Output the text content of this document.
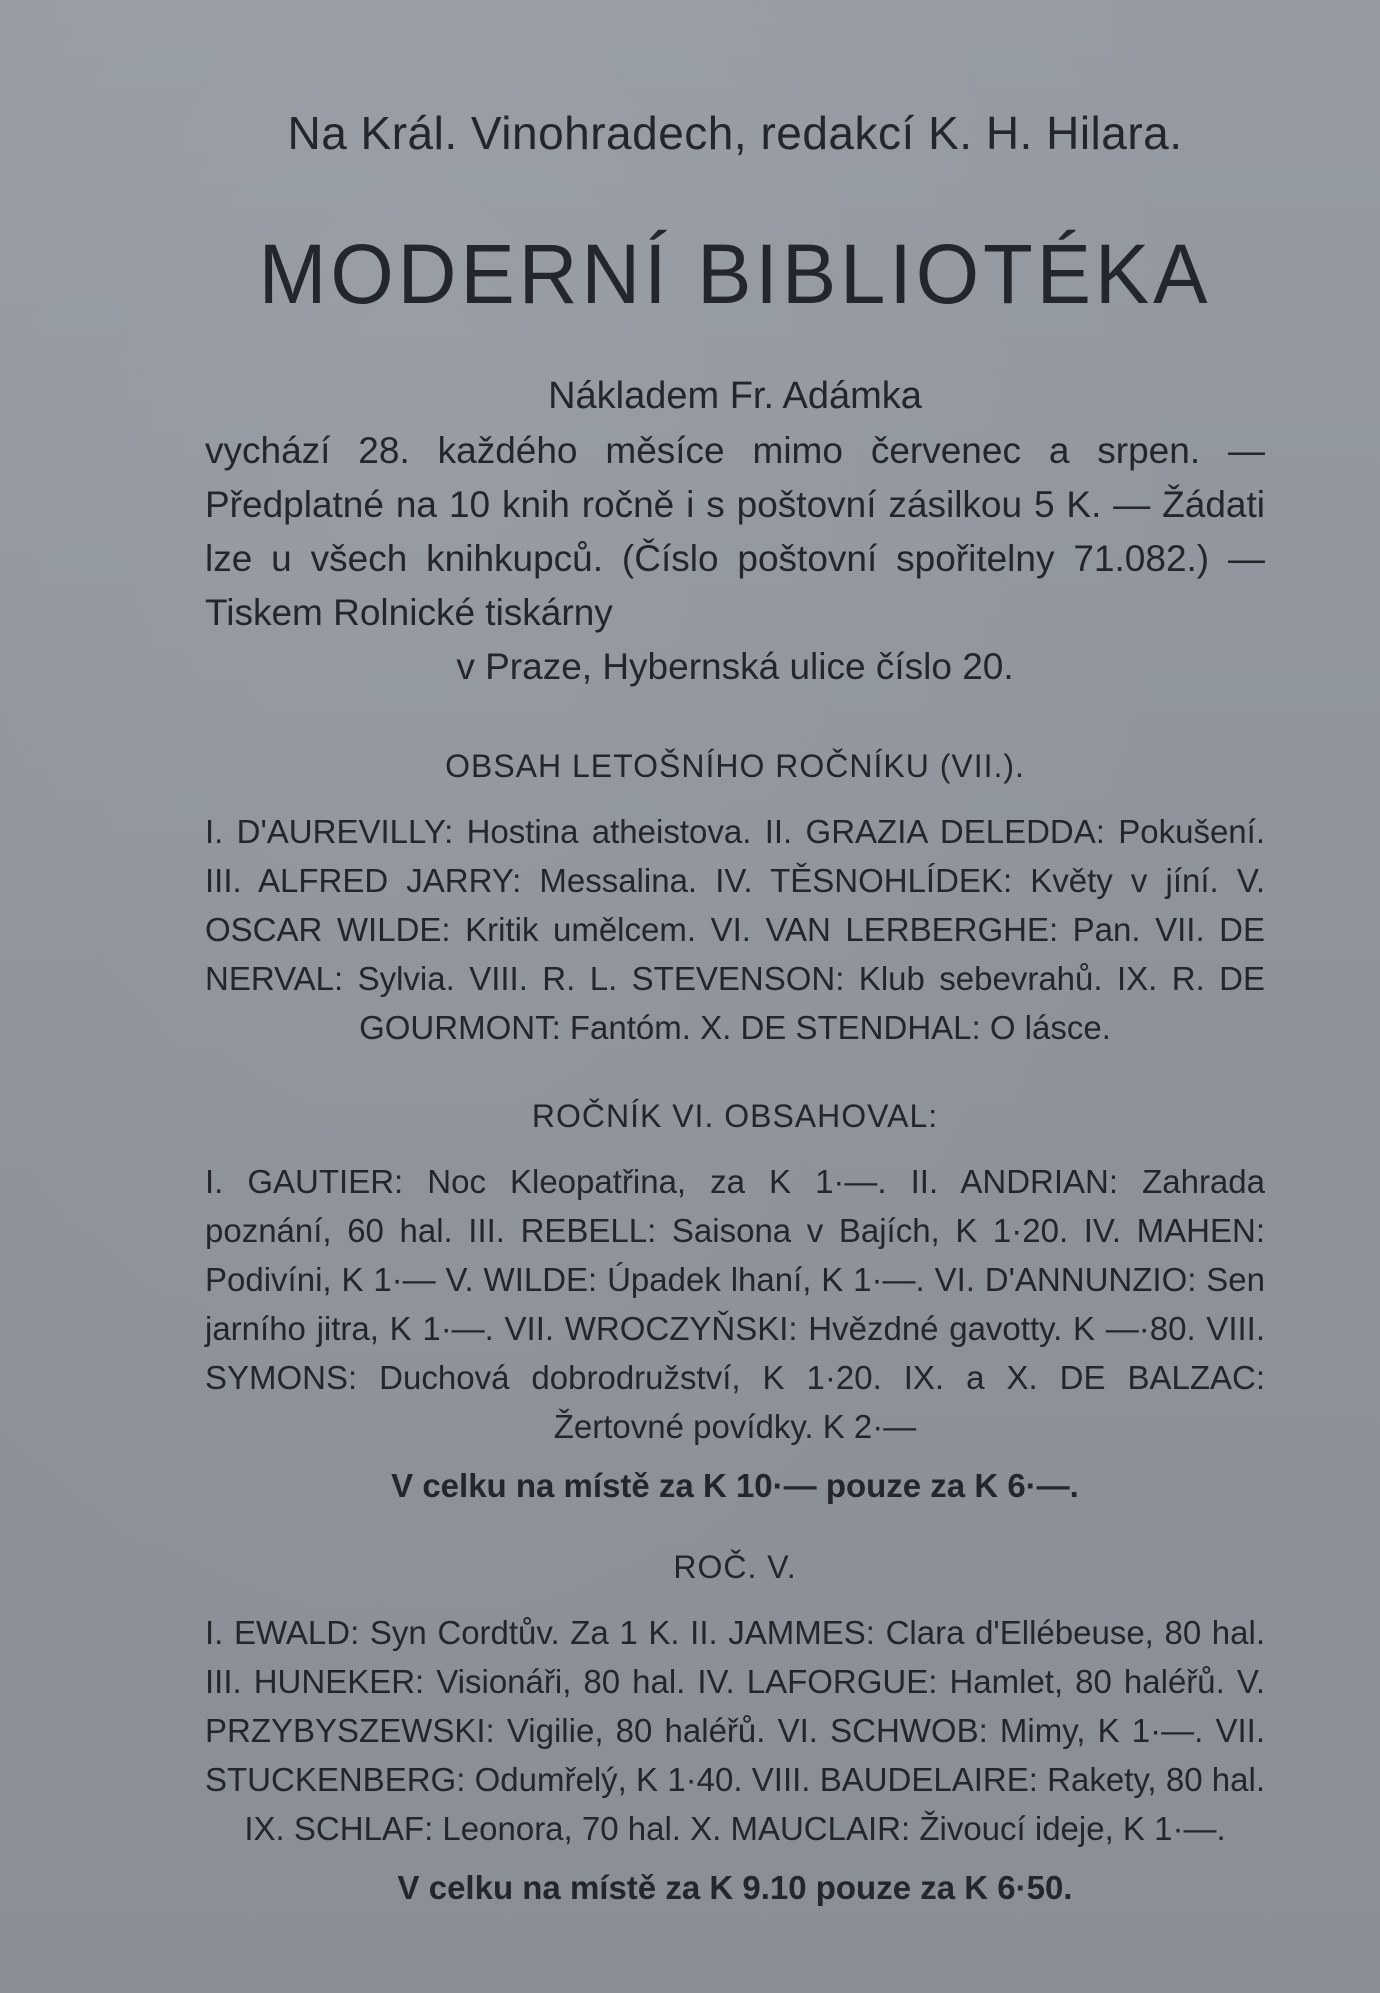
Na Král. Vinohradech, redakcí K. H. Hilara.
MODERNÍ BIBLIOTÉKA
Nákladem Fr. Adámka
vychází 28. každého měsíce mimo červenec a srpen. — Předplatné na 10 knih ročně i s poštovní zásilkou 5 K. — Žádati lze u všech knihkupců. (Číslo poštovní spořitelny 71.082.) — Tiskem Rolnické tiskárny
v Praze, Hybernská ulice číslo 20.
OBSAH LETOŠNÍHO ROČNÍKU (VII.).
I. D'AUREVILLY: Hostina atheistova. II. GRAZIA DELEDDA: Pokušení. III. ALFRED JARRY: Messalina. IV. TĚSNOHLÍDEK: Květy v jíní. V. OSCAR WILDE: Kritik umělcem. VI. VAN LERBERGHE: Pan. VII. DE NERVAL: Sylvia. VIII. R. L. STEVENSON: Klub sebevrahů. IX. R. DE GOURMONT: Fantóm. X. DE STENDHAL: O lásce.
ROČNÍK VI. OBSAHOVAL:
I. GAUTIER: Noc Kleopatřina, za K 1·—. II. ANDRIAN: Zahrada poznání, 60 hal. III. REBELL: Saisona v Bajích, K 1·20. IV. MAHEN: Podivíni, K 1·— V. WILDE: Úpadek lhaní, K 1·—. VI. D'ANNUNZIO: Sen jarního jitra, K 1·—. VII. WROCZYŇSKI: Hvězdné gavotty. K —·80. VIII. SYMONS: Duchová dobrodružství, K 1·20. IX. a X. DE BALZAC: Žertovné povídky. K 2·—
V celku na místě za K 10·— pouze za K 6·—.
ROČ. V.
I. EWALD: Syn Cordtův. Za 1 K. II. JAMMES: Clara d'Ellébeuse, 80 hal. III. HUNEKER: Visionáři, 80 hal. IV. LAFORGUE: Hamlet, 80 haléřů. V. PRZYBYSZEWSKI: Vigilie, 80 haléřů. VI. SCHWOB: Mimy, K 1·—. VII. STUCKENBERG: Odumřelý, K 1·40. VIII. BAUDELAIRE: Rakety, 80 hal. IX. SCHLAF: Leonora, 70 hal. X. MAUCLAIR: Živoucí ideje, K 1·—.
V celku na místě za K 9.10 pouze za K 6·50.
